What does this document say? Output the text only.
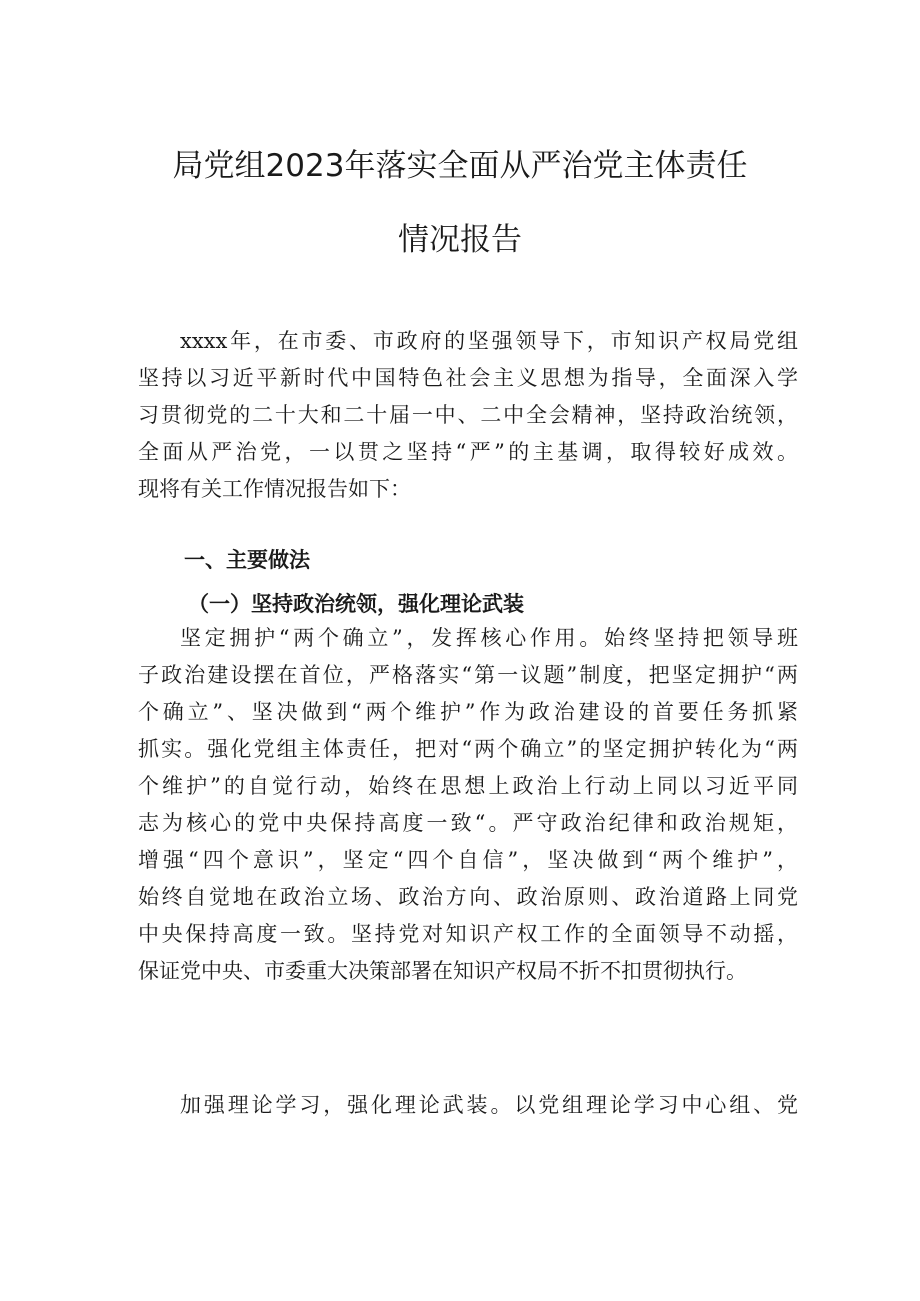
局党组2023年落实全面从严治党主体责任
情况报告
xxxx年，在市委、市政府的坚强领导下，市知识产权局党组
坚持以习近平新时代中国特色社会主义思想为指导，全面深入学
习贯彻党的二十大和二十届一中、二中全会精神，坚持政治统领，
全面从严治党，一以贯之坚持“严”的主基调，取得较好成效。
现将有关工作情况报告如下：
一、主要做法
（一）坚持政治统领，强化理论武装
坚定拥护“两个确立”，发挥核心作用。始终坚持把领导班
子政治建设摆在首位，严格落实“第一议题”制度，把坚定拥护“两
个确立”、坚决做到“两个维护”作为政治建设的首要任务抓紧
抓实。强化党组主体责任，把对“两个确立”的坚定拥护转化为“两
个维护”的自觉行动，始终在思想上政治上行动上同以习近平同
志为核心的党中央保持高度一致“。严守政治纪律和政治规矩，
增强“四个意识”，坚定“四个自信”，坚决做到“两个维护”，
始终自觉地在政治立场、政治方向、政治原则、政治道路上同党
中央保持高度一致。坚持党对知识产权工作的全面领导不动摇，
保证党中央、市委重大决策部署在知识产权局不折不扣贯彻执行。
加强理论学习，强化理论武装。以党组理论学习中心组、党
